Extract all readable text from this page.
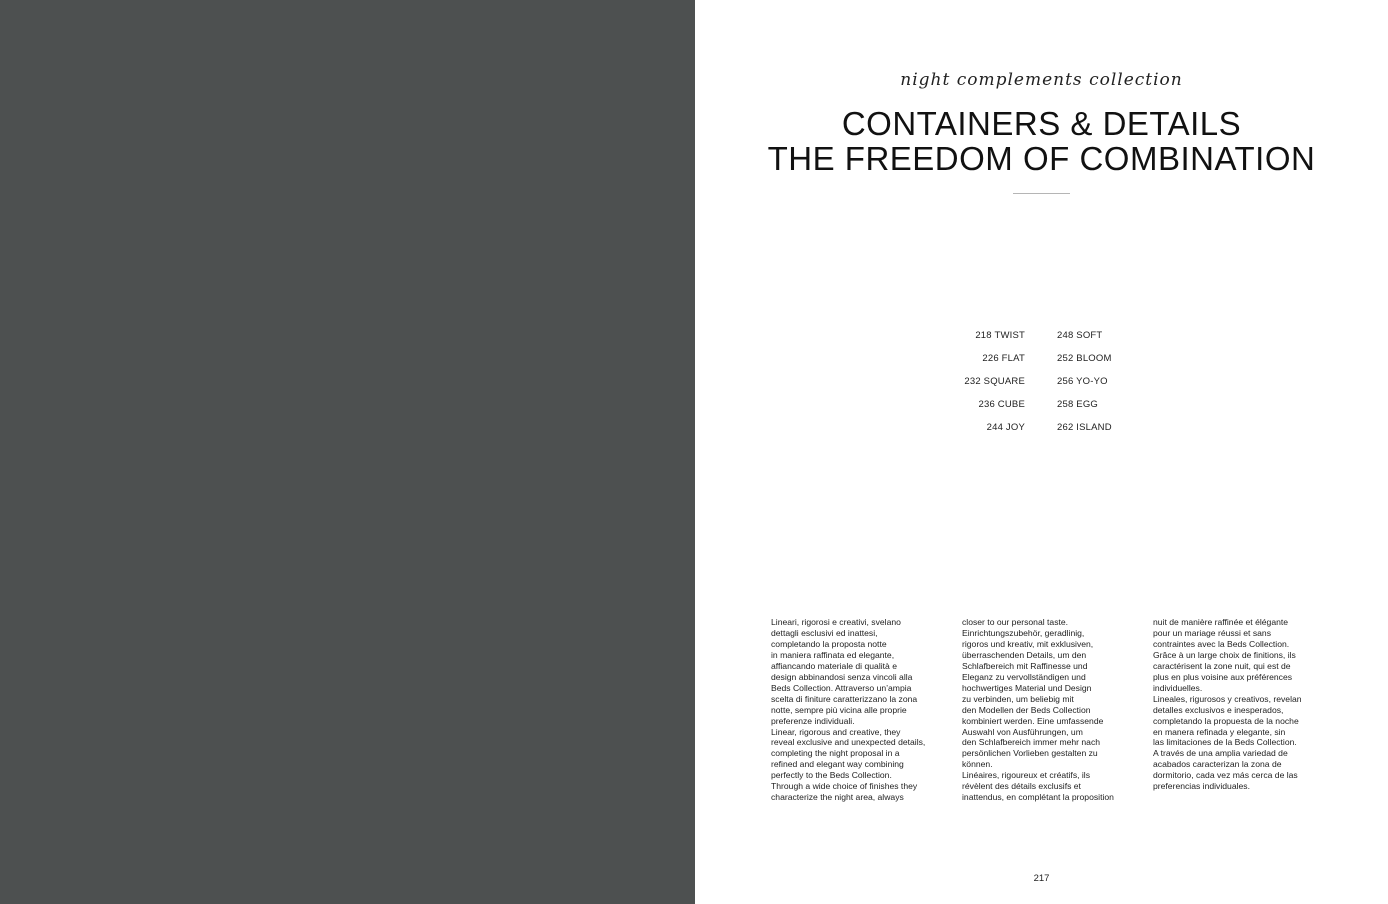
night complements collection
CONTAINERS & DETAILS
THE FREEDOM OF COMBINATION
218 TWIST
226 FLAT
232 SQUARE
236 CUBE
244 JOY
248 SOFT
252 BLOOM
256 YO-YO
258 EGG
262 ISLAND

Lineari, rigorosi e creativi, svelano
dettagli esclusivi ed inattesi,
completando la proposta notte
in maniera raffinata ed elegante,
affiancando materiale di qualità e
design abbinandosi senza vincoli alla
Beds Collection. Attraverso un’ampia
scelta di finiture caratterizzano la zona
notte, sempre più vicina alle proprie
preferenze individuali.
Linear, rigorous and creative, they
reveal exclusive and unexpected details,
completing the night proposal in a
refined and elegant way combining
perfectly to the Beds Collection.
Through a wide choice of finishes they
characterize the night area, always

closer to our personal taste.
Einrichtungszubehör, geradlinig,
rigoros und kreativ, mit exklusiven,
überraschenden Details, um den
Schlafbereich mit Raffinesse und
Eleganz zu vervollständigen und
hochwertiges Material und Design
zu verbinden, um beliebig mit
den Modellen der Beds Collection
kombiniert werden. Eine umfassende
Auswahl von Ausführungen, um
den Schlafbereich immer mehr nach
persönlichen Vorlieben gestalten zu
können.
Linéaires, rigoureux et créatifs, ils
révèlent des détails exclusifs et
inattendus, en complétant la proposition

nuit de manière raffinée et élégante
pour un mariage réussi et sans
contraintes avec la Beds Collection.
Grâce à un large choix de finitions, ils
caractérisent la zone nuit, qui est de
plus en plus voisine aux préférences
individuelles.
Lineales, rigurosos y creativos, revelan
detalles exclusivos e inesperados,
completando la propuesta de la noche
en manera refinada y elegante, sin
las limitaciones de la Beds Collection.
A través de una amplia variedad de
acabados caracterizan la zona de
dormitorio, cada vez más cerca de las
preferencias individuales.

217
